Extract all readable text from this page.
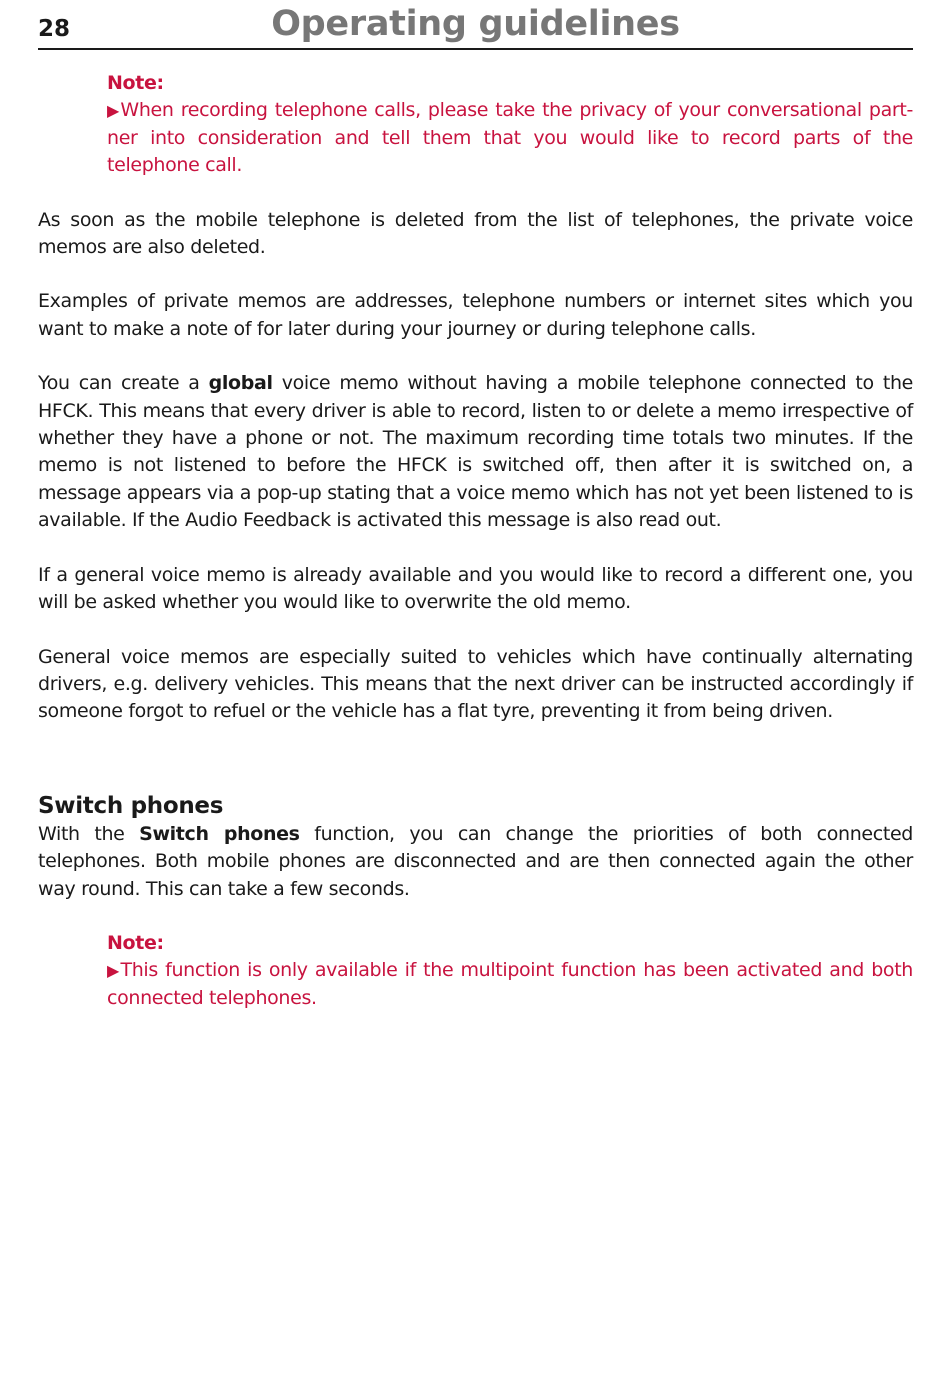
28	Operating guidelines
Note:

▶When recording telephone calls, please take the privacy of your conversational part-ner into consideration and tell them that you would like to record parts of the telephone call.

As soon as the mobile telephone is deleted from the list of telephones, the private voice memos are also deleted.

Examples of private memos are addresses, telephone numbers or internet sites which you want to make a note of for later during your journey or during telephone calls.

You can create a global voice memo without having a mobile telephone connected to the HFCK. This means that every driver is able to record, listen to or delete a memo irrespective of whether they have a phone or not. The maximum recording time totals two minutes. If the memo is not listened to before the HFCK is switched off, then after it is switched on, a message appears via a pop-up stating that a voice memo which has not yet been listened to is available. If the Audio Feedback is activated this message is also read out.

If a general voice memo is already available and you would like to record a different one, you will be asked whether you would like to overwrite the old memo.

General voice memos are especially suited to vehicles which have continually alternating drivers, e.g. delivery vehicles. This means that the next driver can be instructed accordingly if someone forgot to refuel or the vehicle has a flat tyre, preventing it from being driven.

Switch phones

With the Switch phones function, you can change the priorities of both connected telephones. Both mobile phones are disconnected and are then connected again the other way round. This can take a few seconds.

Note:

▶This function is only available if the multipoint function has been activated and both connected telephones.
